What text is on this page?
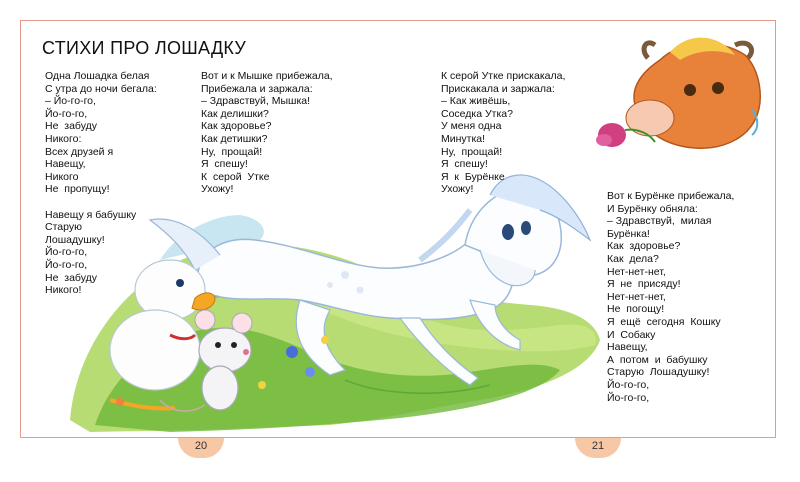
СТИХИ ПРО ЛОШАДКУ
Одна Лошадка белая
С утра до ночи бегала:
– Йо-го-го,
Йо-го-го,
Не  забуду
Никого:
Всех друзей я
Навещу,
Никого
Не  пропущу!
Навещу я бабушку
Старую
Лошадушку!
Йо-го-го,
Йо-го-го,
Не  забуду
Никого!
Вот и к Мышке прибежала,
Прибежала и заржала:
– Здравствуй, Мышка!
Как делишки?
Как здоровье?
Как детишки?
Ну,  прощай!
Я  спешу!
К  серой  Утке
Ухожу!
К серой Утке прискакала,
Прискакала и заржала:
– Как живёшь,
Соседка Утка?
У меня одна
Минутка!
Ну,  прощай!
Я  спешу!
Я  к  Бурёнке
Ухожу!
Вот к Бурёнке прибежала,
И Бурёнку обняла:
– Здравствуй,  милая
Бурёнка!
Как  здоровье?
Как  дела?
Нет-нет-нет,
Я  не  присяду!
Нет-нет-нет,
Не  погощу!
Я  ещё  сегодня  Кошку
И  Собаку
Навещу,
А  потом  и  бабушку
Старую  Лошадушку!
Йо-го-го,
Йо-го-го,
20	21
